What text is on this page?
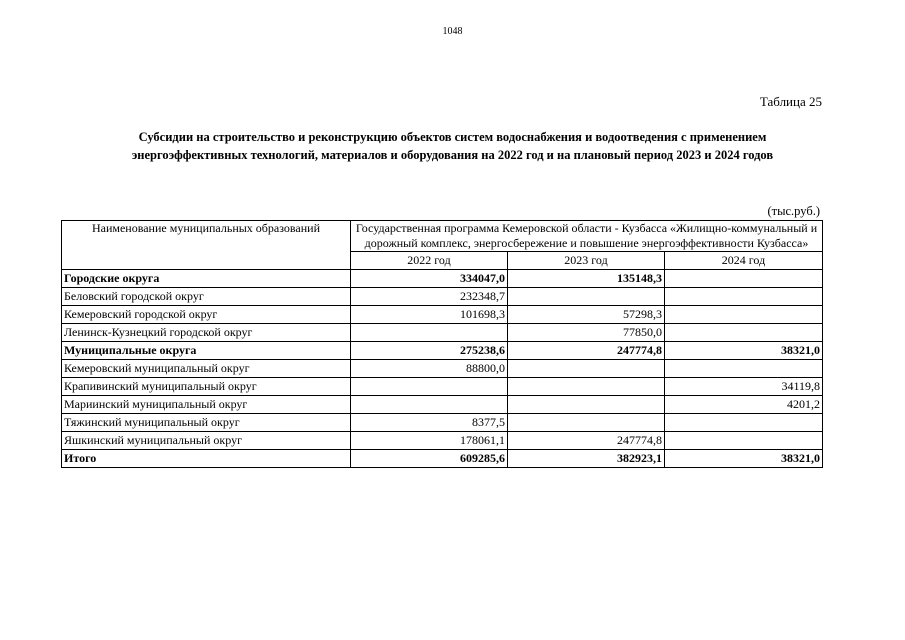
1048
Таблица 25
Субсидии на строительство и реконструкцию объектов систем водоснабжения и водоотведения с применением
энергоэффективных технологий, материалов и оборудования на 2022 год и на плановый период 2023 и 2024 годов
(тыс.руб.)
Наименование муниципальных образований	Государственная программа Кемеровской области - Кузбасса «Жилищно-коммунальный и дорожный комплекс, энергосбережение и повышение энергоэффективности Кузбасса»		
	2022 год	2023 год	2024 год
Городские округа	334047,0	135148,3	
Беловский городской округ	232348,7		
Кемеровский городской округ	101698,3	57298,3	
Ленинск-Кузнецкий городской округ		77850,0	
Муниципальные округа	275238,6	247774,8	38321,0
Кемеровский муниципальный округ	88800,0		
Крапивинский муниципальный округ			34119,8
Мариинский муниципальный округ			4201,2
Тяжинский муниципальный округ	8377,5		
Яшкинский муниципальный округ	178061,1	247774,8	
Итого	609285,6	382923,1	38321,0
